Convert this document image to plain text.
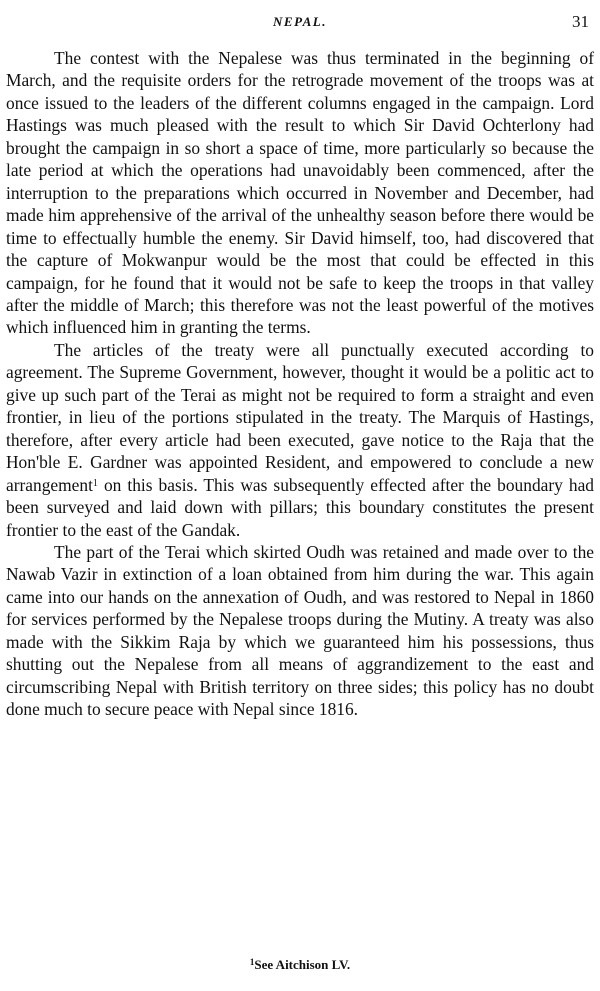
NEPAL.	31

The contest with the Nepalese was thus terminated in the beginning of March, and the requisite orders for the retrograde movement of the troops was at once issued to the leaders of the different columns engaged in the campaign. Lord Hastings was much pleased with the result to which Sir David Ochterlony had brought the campaign in so short a space of time, more particularly so because the late period at which the operations had unavoidably been commenced, after the interruption to the preparations which occurred in November and December, had made him apprehensive of the arrival of the unhealthy season before there would be time to effectually humble the enemy. Sir David himself, too, had discovered that the capture of Mokwanpur would be the most that could be effected in this campaign, for he found that it would not be safe to keep the troops in that valley after the middle of March; this therefore was not the least powerful of the motives which influenced him in granting the terms.

The articles of the treaty were all punctually executed according to agreement. The Supreme Government, however, thought it would be a politic act to give up such part of the Terai as might not be required to form a straight and even frontier, in lieu of the portions stipulated in the treaty. The Marquis of Hastings, therefore, after every article had been executed, gave notice to the Raja that the Hon'ble E. Gardner was appointed Resident, and empowered to conclude a new arrangement$^1$ on this basis. This was subsequently effected after the boundary had been surveyed and laid down with pillars; this boundary constitutes the present frontier to the east of the Gandak.

The part of the Terai which skirted Oudh was retained and made over to the Nawab Vazir in extinction of a loan obtained from him during the war. This again came into our hands on the annexation of Oudh, and was restored to Nepal in 1860 for services performed by the Nepalese troops during the Mutiny. A treaty was also made with the Sikkim Raja by which we guaranteed him his possessions, thus shutting out the Nepalese from all means of aggrandizement to the east and circumscribing Nepal with British territory on three sides; this policy has no doubt done much to secure peace with Nepal since 1816.

$^1$See Aitchison LV.
